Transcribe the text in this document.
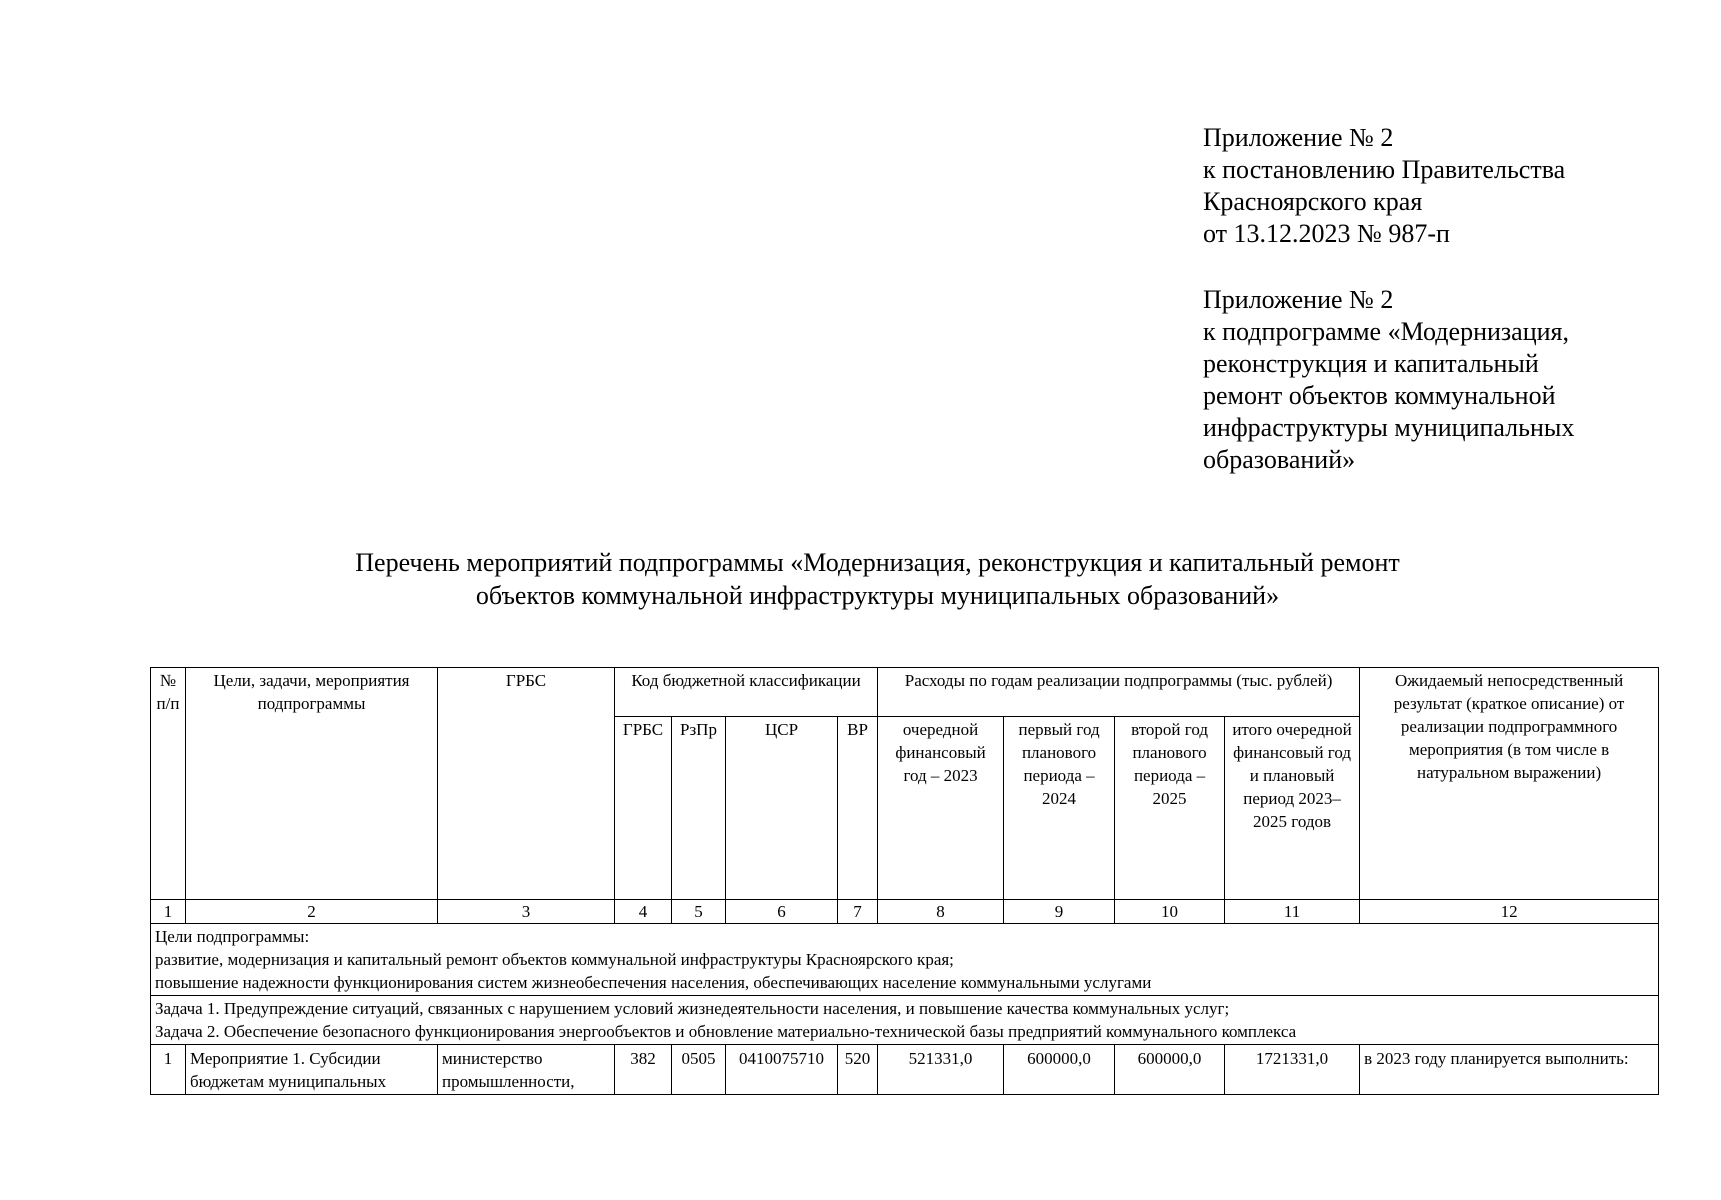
Приложение № 2
к постановлению Правительства
Красноярского края
от 13.12.2023 № 987-п
Приложение № 2
к подпрограмме «Модернизация,
реконструкция и капитальный
ремонт объектов коммунальной
инфраструктуры муниципальных
образований»
Перечень мероприятий подпрограммы «Модернизация, реконструкция и капитальный ремонт
объектов коммунальной инфраструктуры муниципальных образований»
№ п/п	Цели, задачи, мероприятия подпрограммы	ГРБС	Код бюджетной классификации				Расходы по годам реализации подпрограммы (тыс. рублей)				Ожидаемый непосредственный результат (краткое описание) от реализации подпрограммного мероприятия (в том числе в натуральном выражении)
			ГРБС	РзПр	ЦСР	ВР	очередной финансовый год – 2023	первый год планового периода – 2024	второй год планового периода – 2025	итого очередной финансовый год и плановый период 2023–2025 годов	
1	2	3	4	5	6	7	8	9	10	11	12

Цели подпрограммы:
развитие, модернизация и капитальный ремонт объектов коммунальной инфраструктуры Красноярского края;
повышение надежности функционирования систем жизнеобеспечения населения, обеспечивающих население коммунальными услугами											

Задача 1. Предупреждение ситуаций, связанных с нарушением условий жизнедеятельности населения, и повышение качества коммунальных услуг;
Задача 2. Обеспечение безопасного функционирования энергообъектов и обновление материально-технической базы предприятий коммунального комплекса											

1	Мероприятие 1. Субсидии бюджетам муниципальных	министерство промышленности,	382	0505	0410075710	520	521331,0	600000,0	600000,0	1721331,0	в 2023 году планируется выполнить:
